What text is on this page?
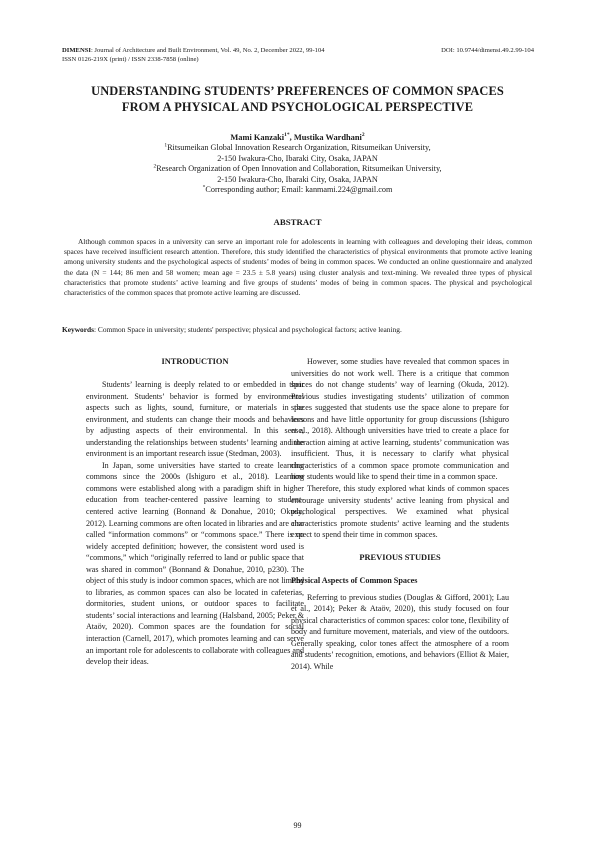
DIMENSI: Journal of Architecture and Built Environment, Vol. 49, No. 2, December 2022, 99-104	DOI: 10.9744/dimensi.49.2.99-104
ISSN 0126-219X (print) / ISSN 2338-7858 (online)
UNDERSTANDING STUDENTS’ PREFERENCES OF COMMON SPACES
FROM A PHYSICAL AND PSYCHOLOGICAL PERSPECTIVE
Mami Kanzaki$^{1*}$, Mustika Wardhani$^2$
$^1$Ritsumeikan Global Innovation Research Organization, Ritsumeikan University,
2-150 Iwakura-Cho, Ibaraki City, Osaka, JAPAN
$^2$Research Organization of Open Innovation and Collaboration, Ritsumeikan University,
2-150 Iwakura-Cho, Ibaraki City, Osaka, JAPAN
*Corresponding author; Email: kanmami.224@gmail.com
ABSTRACT

Although common spaces in a university can serve an important role for adolescents in learning with colleagues and developing their ideas, common spaces have received insufficient research attention. Therefore, this study identified the characteristics of physical environments that promote active leaning among university students and the psychological aspects of students’ modes of being in common spaces. We conducted an online questionnaire and analyzed the data (N = 144; 86 men and 58 women; mean age = 23.5 ± 5.8 years) using cluster analysis and text-mining. We revealed three types of physical characteristics that promote students’ active learning and five groups of students’ modes of being in common spaces. The physical and psychological characteristics of the common spaces that promote active learning are discussed.

Keywords: Common Space in university; students' perspective; physical and psychological factors; active leaning.

INTRODUCTION

Students’ learning is deeply related to or embedded in their environment. Students’ behavior is formed by environmental aspects such as lights, sound, furniture, or materials in the environment, and students can change their moods and behaviors by adjusting aspects of their environmental. In this sense, understanding the relationships between students’ learning and the environment is an important research issue (Stedman, 2003).

In Japan, some universities have started to create learning commons since the 2000s (Ishiguro et al., 2018). Learning commons were established along with a paradigm shift in higher education from teacher-centered passive learning to student-centered active learning (Bonnand & Donahue, 2010; Okuda, 2012). Learning commons are often located in libraries and are also called “information commons” or “commons space.” There is no widely accepted definition; however, the consistent word used is “commons,” which “originally referred to land or public space that was shared in common” (Bonnand & Donahue, 2010, p230). The object of this study is indoor common spaces, which are not limited to libraries, as common spaces can also be located in cafeterias, dormitories, student unions, or outdoor spaces to facilitate students’ social interactions and learning (Halsband, 2005; Peker & Ataöv, 2020). Common spaces are the foundation for social interaction (Carnell, 2017), which promotes learning and can serve an important role for adolescents to collaborate with colleagues and develop their ideas.

However, some studies have revealed that common spaces in universities do not work well. There is a critique that common spaces do not change students’ way of learning (Okuda, 2012). Previous studies investigating students’ utilization of common spaces suggested that students use the space alone to prepare for lessons and have little opportunity for group discussions (Ishiguro et al., 2018). Although universities have tried to create a place for interaction aiming at active learning, students’ communication was insufficient. Thus, it is necessary to clarify what physical characteristics of a common space promote communication and how students would like to spend their time in a common space.

Therefore, this study explored what kinds of common spaces encourage university students’ active leaning from physical and psychological perspectives. We examined what physical characteristics promote students’ active learning and the students expect to spend their time in common spaces.

PREVIOUS STUDIES
Physical Aspects of Common Spaces

Referring to previous studies (Douglas & Gifford, 2001); Lau et al., 2014); Peker & Ataöv, 2020), this study focused on four physical characteristics of common spaces: color tone, flexibility of body and furniture movement, materials, and view of the outdoors. Generally speaking, color tones affect the atmosphere of a room and students’ recognition, emotions, and behaviors (Elliot & Maier, 2014). While

99
